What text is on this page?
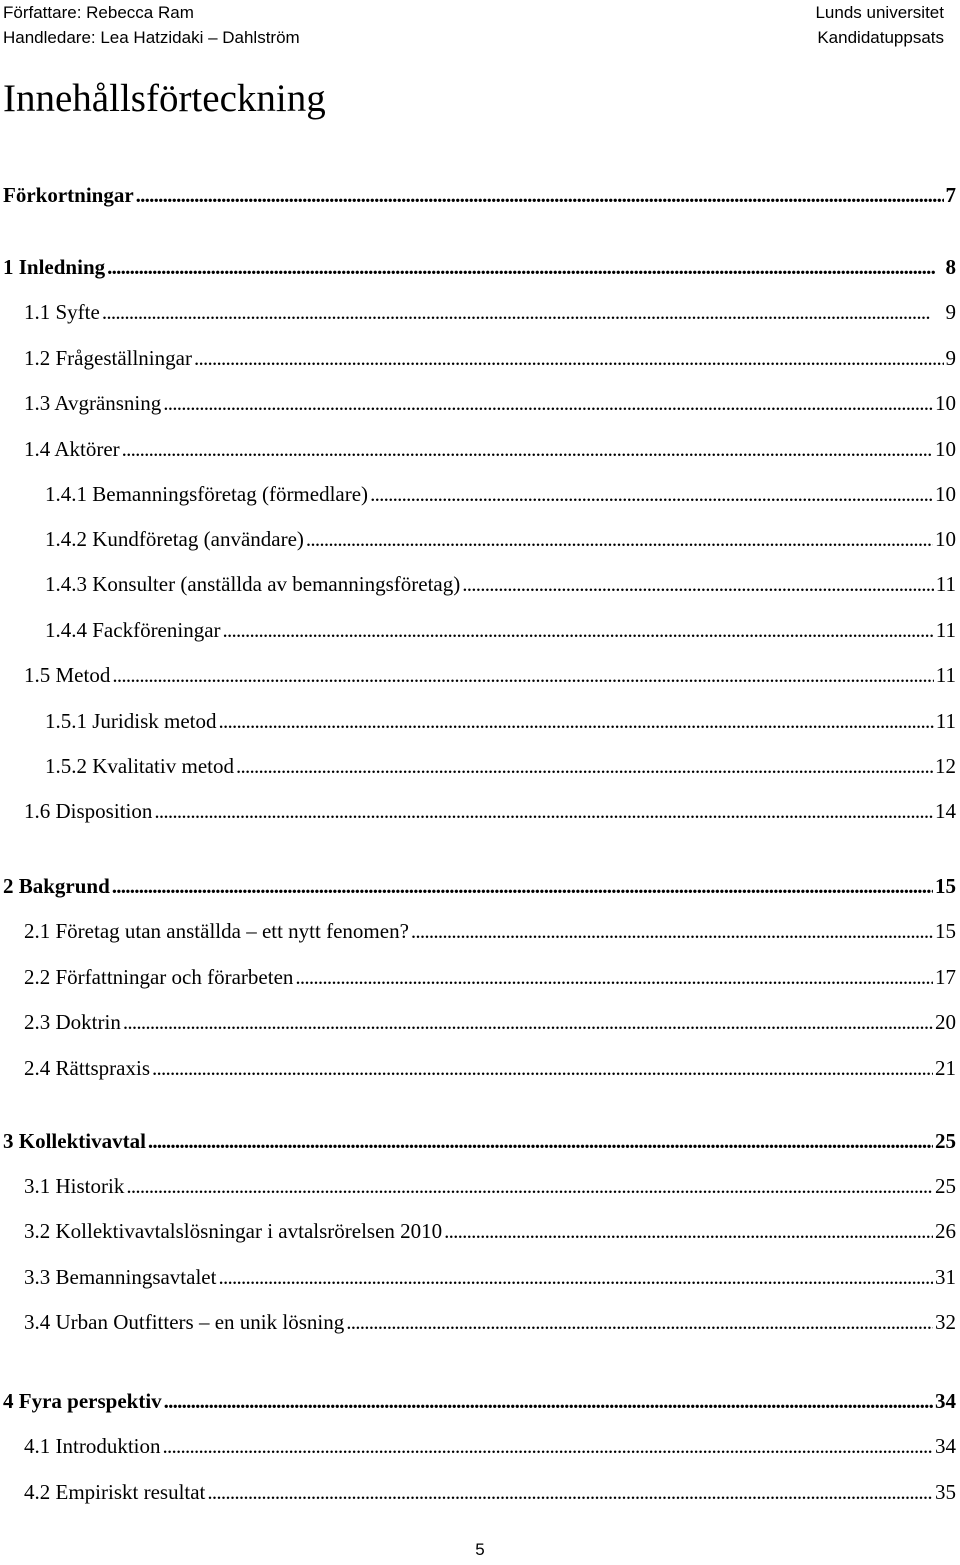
Författare: Rebecca Ram
Handledare: Lea Hatzidaki – Dahlström
Lunds universitet
Kandidatuppsats
Innehållsförteckning
Förkortningar . . .	7
1 Inledning . . .	8
1.1 Syfte . . .	9
1.2 Frågeställningar . . .	9
1.3 Avgränsning . . .	10
1.4 Aktörer . . .	10
1.4.1 Bemanningsföretag (förmedlare) . . .	10
1.4.2 Kundföretag (användare) . . .	10
1.4.3 Konsulter (anställda av bemanningsföretag) . . .	11
1.4.4 Fackföreningar . . .	11
1.5 Metod . . .	11
1.5.1 Juridisk metod . . .	11
1.5.2 Kvalitativ metod . . .	12
1.6 Disposition . . .	14
2 Bakgrund . . .	15
2.1 Företag utan anställda – ett nytt fenomen? . . .	15
2.2 Författningar och förarbeten . . .	17
2.3 Doktrin . . .	20
2.4 Rättspraxis . . .	21
3 Kollektivavtal . . .	25
3.1 Historik . . .	25
3.2 Kollektivavtalslösningar i avtalsrörelsen 2010 . . .	26
3.3 Bemanningsavtalet . . .	31
3.4 Urban Outfitters – en unik lösning . . .	32
4 Fyra perspektiv . . .	34
4.1 Introduktion . . .	34
4.2 Empiriskt resultat . . .	35
5
